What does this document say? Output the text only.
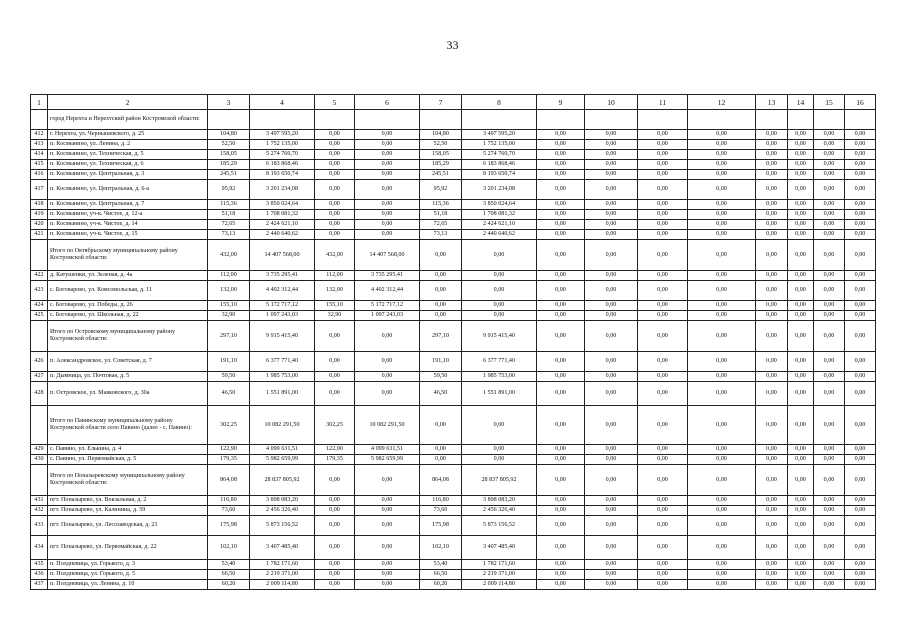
33
1	2	3	4	5	6	7	8	9	10	11	12	13	14	15	16
	город Нерехта и Нерехтский район Костромской области:														
412	г. Нерехта, ул. Чернышевского, д. 25	104,80	3 497 595,20	0,00	0,00	104,80	3 497 595,20	0,00	0,00	0,00	0,00	0,00	0,00	0,00	0,00
413	п. Космынино, ул. Ленина, д. 2	52,50	1 752 135,00	0,00	0,00	52,50	1 752 135,00	0,00	0,00	0,00	0,00	0,00	0,00	0,00	0,00
414	п. Космынино, ул. Техническая, д. 5	158,05	5 274 760,70	0,00	0,00	158,05	5 274 760,70	0,00	0,00	0,00	0,00	0,00	0,00	0,00	0,00
415	п. Космынино, ул. Техническая, д. 6	185,29	6 183 868,46	0,00	0,00	185,29	6 183 868,46	0,00	0,00	0,00	0,00	0,00	0,00	0,00	0,00
416	п. Космынино, ул. Центральная, д. 3	245,51	8 193 650,74	0,00	0,00	245,51	8 193 650,74	0,00	0,00	0,00	0,00	0,00	0,00	0,00	0,00
417	п. Космынино, ул. Центральная, д. 6-а	95,92	3 201 234,08	0,00	0,00	95,92	3 201 234,08	0,00	0,00	0,00	0,00	0,00	0,00	0,00	0,00
418	п. Космынино, ул. Центральная, д. 7	115,36	3 850 024,64	0,00	0,00	115,36	3 850 024,64	0,00	0,00	0,00	0,00	0,00	0,00	0,00	0,00
419	п. Космынино, уч-к. Чистое, д. 12-а	51,18	1 708 081,32	0,00	0,00	51,18	1 708 081,32	0,00	0,00	0,00	0,00	0,00	0,00	0,00	0,00
420	п. Космынино, уч-к. Чистое, д. 14	72,65	2 424 621,10	0,00	0,00	72,65	2 424 621,10	0,00	0,00	0,00	0,00	0,00	0,00	0,00	0,00
421	п. Космынино, уч-к. Чистое, д. 15	73,13	2 440 640,62	0,00	0,00	73,13	2 440 640,62	0,00	0,00	0,00	0,00	0,00	0,00	0,00	0,00
	Итого по Октябрьскому муниципальному району Костромской области:	432,00	14 407 568,00	432,00	14 407 568,00	0,00	0,00	0,00	0,00	0,00	0,00	0,00	0,00	0,00	0,00
422	д. Катушенки, ул. Зеленая, д. 4а	112,00	3 735 295,41	112,00	3 735 295,41	0,00	0,00	0,00	0,00	0,00	0,00	0,00	0,00	0,00	0,00
423	с. Боговарово, ул. Комсомольская, д. 11	132,00	4 402 312,44	132,00	4 402 312,44	0,00	0,00	0,00	0,00	0,00	0,00	0,00	0,00	0,00	0,00
424	с. Боговарово, ул. Победы, д. 26	155,10	5 172 717,12	155,10	5 172 717,12	0,00	0,00	0,00	0,00	0,00	0,00	0,00	0,00	0,00	0,00
425	с. Боговарово, ул. Школьная, д. 22	32,90	1 097 243,03	32,90	1 097 243,03	0,00	0,00	0,00	0,00	0,00	0,00	0,00	0,00	0,00	0,00
	Итого по Островскому муниципальному району Костромской области:	297,10	9 915 415,40	0,00	0,00	297,10	9 915 415,40	0,00	0,00	0,00	0,00	0,00	0,00	0,00	0,00
426	п. Александровское, ул. Советская, д. 7	191,10	6 377 771,40	0,00	0,00	191,10	6 377 771,40	0,00	0,00	0,00	0,00	0,00	0,00	0,00	0,00
427	п. Дымница, ул. Почтовая, д. 5	59,50	1 985 753,00	0,00	0,00	59,50	1 985 753,00	0,00	0,00	0,00	0,00	0,00	0,00	0,00	0,00
428	п. Островское, ул. Маяковского, д. 30а	46,50	1 551 891,00	0,00	0,00	46,50	1 551 891,00	0,00	0,00	0,00	0,00	0,00	0,00	0,00	0,00
	Итого по Павинскому муниципальному району Костромской области село Павино (далее - с. Павино):	302,25	10 082 291,50	302,25	10 082 291,50	0,00	0,00	0,00	0,00	0,00	0,00	0,00	0,00	0,00	0,00
429	с. Павино, ул. Елькина, д. 4	122,90	4 099 631,51	122,90	4 099 631,51	0,00	0,00	0,00	0,00	0,00	0,00	0,00	0,00	0,00	0,00
430	с. Павино, ул. Первомайская, д. 5	179,35	5 982 659,99	179,35	5 982 659,99	0,00	0,00	0,00	0,00	0,00	0,00	0,00	0,00	0,00	0,00
	Итого по Поназыревскому муниципальному району Костромской области:	864,08	28 837 805,92	0,00	0,00	864,08	28 837 805,92	0,00	0,00	0,00	0,00	0,00	0,00	0,00	0,00
431	пгт. Поназырево, ул. Вокзальная, д. 2	116,80	3 898 083,20	0,00	0,00	116,80	3 898 083,20	0,00	0,00	0,00	0,00	0,00	0,00	0,00	0,00
432	пгт. Поназырево, ул. Калинина, д. 59	73,60	2 456 326,40	0,00	0,00	73,60	2 456 326,40	0,00	0,00	0,00	0,00	0,00	0,00	0,00	0,00
433	пгт. Поназырево, ул. Лесозаводская, д. 23	175,98	5 873 156,52	0,00	0,00	175,98	5 873 156,52	0,00	0,00	0,00	0,00	0,00	0,00	0,00	0,00
434	пгт. Поназырево, ул. Первомайская, д. 22	102,10	3 407 485,40	0,00	0,00	102,10	3 407 485,40	0,00	0,00	0,00	0,00	0,00	0,00	0,00	0,00
435	п. Полдневица, ул. Горького, д. 3	53,40	1 782 171,60	0,00	0,00	53,40	1 782 171,60	0,00	0,00	0,00	0,00	0,00	0,00	0,00	0,00
436	п. Полдневица, ул. Горького, д. 5	66,50	2 219 371,00	0,00	0,00	66,50	2 219 371,00	0,00	0,00	0,00	0,00	0,00	0,00	0,00	0,00
437	п. Полдневица, ул. Ленина, д. 10	60,20	2 009 114,80	0,00	0,00	60,20	2 009 114,80	0,00	0,00	0,00	0,00	0,00	0,00	0,00	0,00
